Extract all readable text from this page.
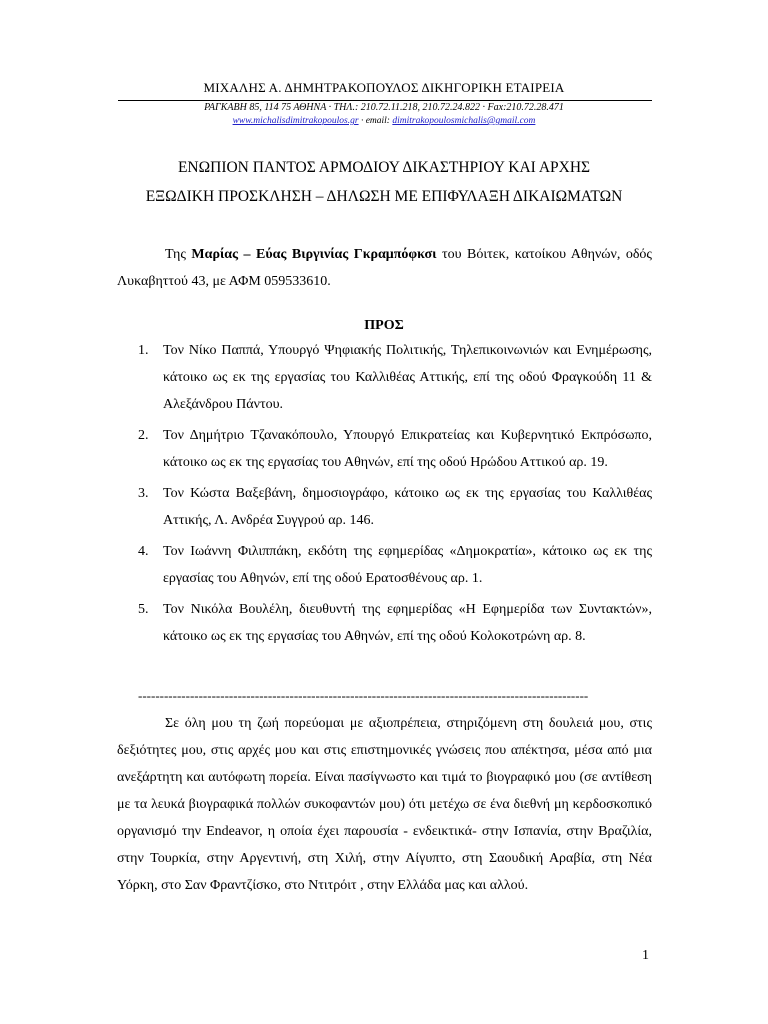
ΜΙΧΑΛΗΣ Α. ΔΗΜΗΤΡΑΚΟΠΟΥΛΟΣ ΔΙΚΗΓΟΡΙΚΗ ΕΤΑΙΡΕΙΑ
ΡΑΓΚΑΒΗ 85, 114 75 ΑΘΗΝΑ · ΤΗΛ.: 210.72.11.218, 210.72.24.822 · Fax:210.72.28.471
www.michalisdimitrakopoulos.gr · email: dimitrakopoulosmichalis@gmail.com
ΕΝΩΠΙΟΝ ΠΑΝΤΟΣ ΑΡΜΟΔΙΟΥ ΔΙΚΑΣΤΗΡΙΟΥ ΚΑΙ ΑΡΧΗΣ
ΕΞΩΔΙΚΗ ΠΡΟΣΚΛΗΣΗ – ΔΗΛΩΣΗ ΜΕ ΕΠΙΦΥΛΑΞΗ ΔΙΚΑΙΩΜΑΤΩΝ
Της Μαρίας – Εύας Βιργινίας Γκραμπόφκσι του Βόιτεκ, κατοίκου Αθηνών, οδός Λυκαβηττού 43, με ΑΦΜ 059533610.
ΠΡΟΣ
1. Τον Νίκο Παππά, Υπουργό Ψηφιακής Πολιτικής, Τηλεπικοινωνιών και Ενημέρωσης, κάτοικο ως εκ της εργασίας του Καλλιθέας Αττικής, επί της οδού Φραγκούδη 11 & Αλεξάνδρου Πάντου.
2. Τον Δημήτριο Τζανακόπουλο, Υπουργό Επικρατείας και Κυβερνητικό Εκπρόσωπο, κάτοικο ως εκ της εργασίας του Αθηνών, επί της οδού Ηρώδου Αττικού αρ. 19.
3. Τον Κώστα Βαξεβάνη, δημοσιογράφο, κάτοικο ως εκ της εργασίας του Καλλιθέας Αττικής, Λ. Ανδρέα Συγγρού αρ. 146.
4. Τον Ιωάννη Φιλιππάκη, εκδότη της εφημερίδας «Δημοκρατία», κάτοικο ως εκ της εργασίας του Αθηνών, επί της οδού Ερατοσθένους αρ. 1.
5. Τον Νικόλα Βουλέλη, διευθυντή της εφημερίδας «Η Εφημερίδα των Συντακτών», κάτοικο ως εκ της εργασίας του Αθηνών, επί της οδού Κολοκοτρώνη αρ. 8.
--------------------------------------------------------------------------------------------------------
Σε όλη μου τη ζωή πορεύομαι με αξιοπρέπεια, στηριζόμενη στη δουλειά μου, στις δεξιότητες μου, στις αρχές μου και στις επιστημονικές γνώσεις που απέκτησα, μέσα από μια ανεξάρτητη και αυτόφωτη πορεία. Είναι πασίγνωστο και τιμά το βιογραφικό μου (σε αντίθεση με τα λευκά βιογραφικά πολλών συκοφαντών μου) ότι μετέχω σε ένα διεθνή μη κερδοσκοπικό οργανισμό την Endeavor, η οποία έχει παρουσία - ενδεικτικά- στην Ισπανία, στην Βραζιλία, στην Τουρκία, στην Αργεντινή, στη Χιλή, στην Αίγυπτο, στη Σαουδική Αραβία, στη Νέα Υόρκη, στο Σαν Φραντζίσκο, στο Ντιτρόιτ , στην Ελλάδα μας και αλλού.
1
